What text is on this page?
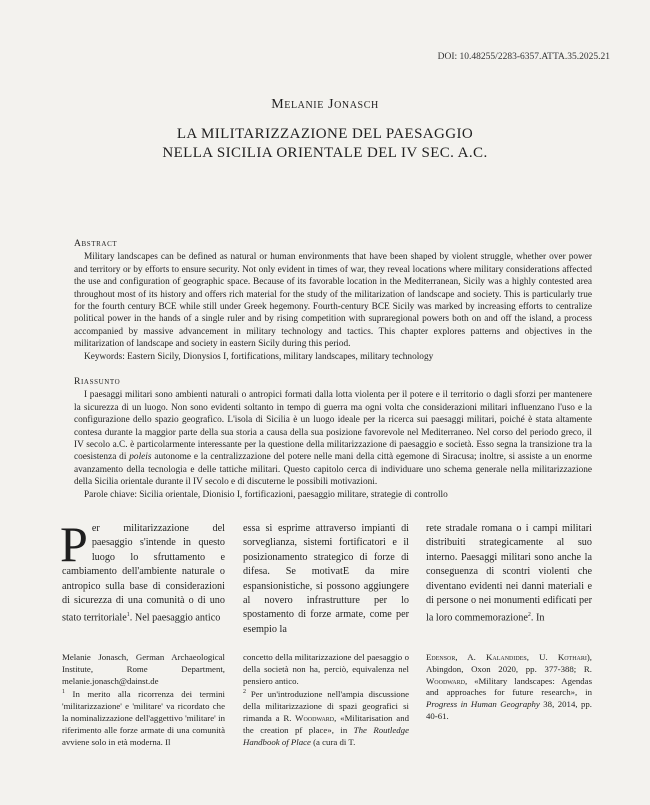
DOI: 10.48255/2283-6357.ATTA.35.2025.21
Melanie Jonasch
LA MILITARIZZAZIONE DEL PAESAGGIO
NELLA SICILIA ORIENTALE DEL IV SEC. A.C.
Abstract
Military landscapes can be defined as natural or human environments that have been shaped by violent struggle, whether over power and territory or by efforts to ensure security. Not only evident in times of war, they reveal locations where military considerations affected the use and configuration of geographic space. Because of its favorable location in the Mediterranean, Sicily was a highly contested area throughout most of its history and offers rich material for the study of the militarization of landscape and society. This is particularly true for the fourth century BCE while still under Greek hegemony. Fourth-century BCE Sicily was marked by increasing efforts to centralize political power in the hands of a single ruler and by rising competition with supraregional powers both on and off the island, a process accompanied by massive advancement in military technology and tactics. This chapter explores patterns and objectives in the militarization of landscape and society in eastern Sicily during this period.
Keywords: Eastern Sicily, Dionysios I, fortifications, military landscapes, military technology
Riassunto
I paesaggi militari sono ambienti naturali o antropici formati dalla lotta violenta per il potere e il territorio o dagli sforzi per mantenere la sicurezza di un luogo. Non sono evidenti soltanto in tempo di guerra ma ogni volta che considerazioni militari influenzano l'uso e la configurazione dello spazio geografico. L'isola di Sicilia è un luogo ideale per la ricerca sui paesaggi militari, poiché è stata altamente contesa durante la maggior parte della sua storia a causa della sua posizione favorevole nel Mediterraneo. Nel corso del periodo greco, il IV secolo a.C. è particolarmente interessante per la questione della militarizzazione di paesaggio e società. Esso segna la transizione tra la coesistenza di poleis autonome e la centralizzazione del potere nelle mani della città egemone di Siracusa; inoltre, si assiste a un enorme avanzamento della tecnologia e delle tattiche militari. Questo capitolo cerca di individuare uno schema generale nella militarizzazione della Sicilia orientale durante il IV secolo e di discuterne le possibili motivazioni.
Parole chiave: Sicilia orientale, Dionisio I, fortificazioni, paesaggio militare, strategie di controllo
Per militarizzazione del paesaggio s'intende in questo luogo lo sfruttamento e cambiamento dell'ambiente naturale o antropico sulla base di considerazioni di sicurezza di una comunità o di uno stato territoriale$^1$. Nel paesaggio antico
essa si esprime attraverso impianti di sorveglianza, sistemi fortificatori e il posizionamento strategico di forze di difesa. Se motivatE da mire espansionistiche, si possono aggiungere al novero infrastrutture per lo spostamento di forze armate, come per esempio la
rete stradale romana o i campi militari distribuiti strategicamente al suo interno. Paesaggi militari sono anche la conseguenza di scontri violenti che diventano evidenti nei danni materiali e di persone o nei monumenti edificati per la loro commemorazione$^2$. In

Melanie Jonasch, German Archaeological Institute, Rome Department, melanie.jonasch@dainst.de

$^1$ In merito alla ricorrenza dei termini 'militarizzazione' e 'militare' va ricordato che la nominalizzazione dell'aggettivo 'militare' in riferimento alle forze armate di una comunità avviene solo in età moderna. Il

concetto della militarizzazione del paesaggio o della società non ha, perciò, equivalenza nel pensiero antico.

$^2$ Per un'introduzione nell'ampia discussione della militarizzazione di spazi geografici si rimanda a R. Woodward, «Militarisation and the creation pf place», in The Routledge Handbook of Place (a cura di T.

Edensor, A. Kalandides, U. Kothari), Abingdon, Oxon 2020, pp. 377-388; R. Woodward, «Military landscapes: Agendas and approaches for future research», in Progress in Human Geography 38, 2014, pp. 40-61.
